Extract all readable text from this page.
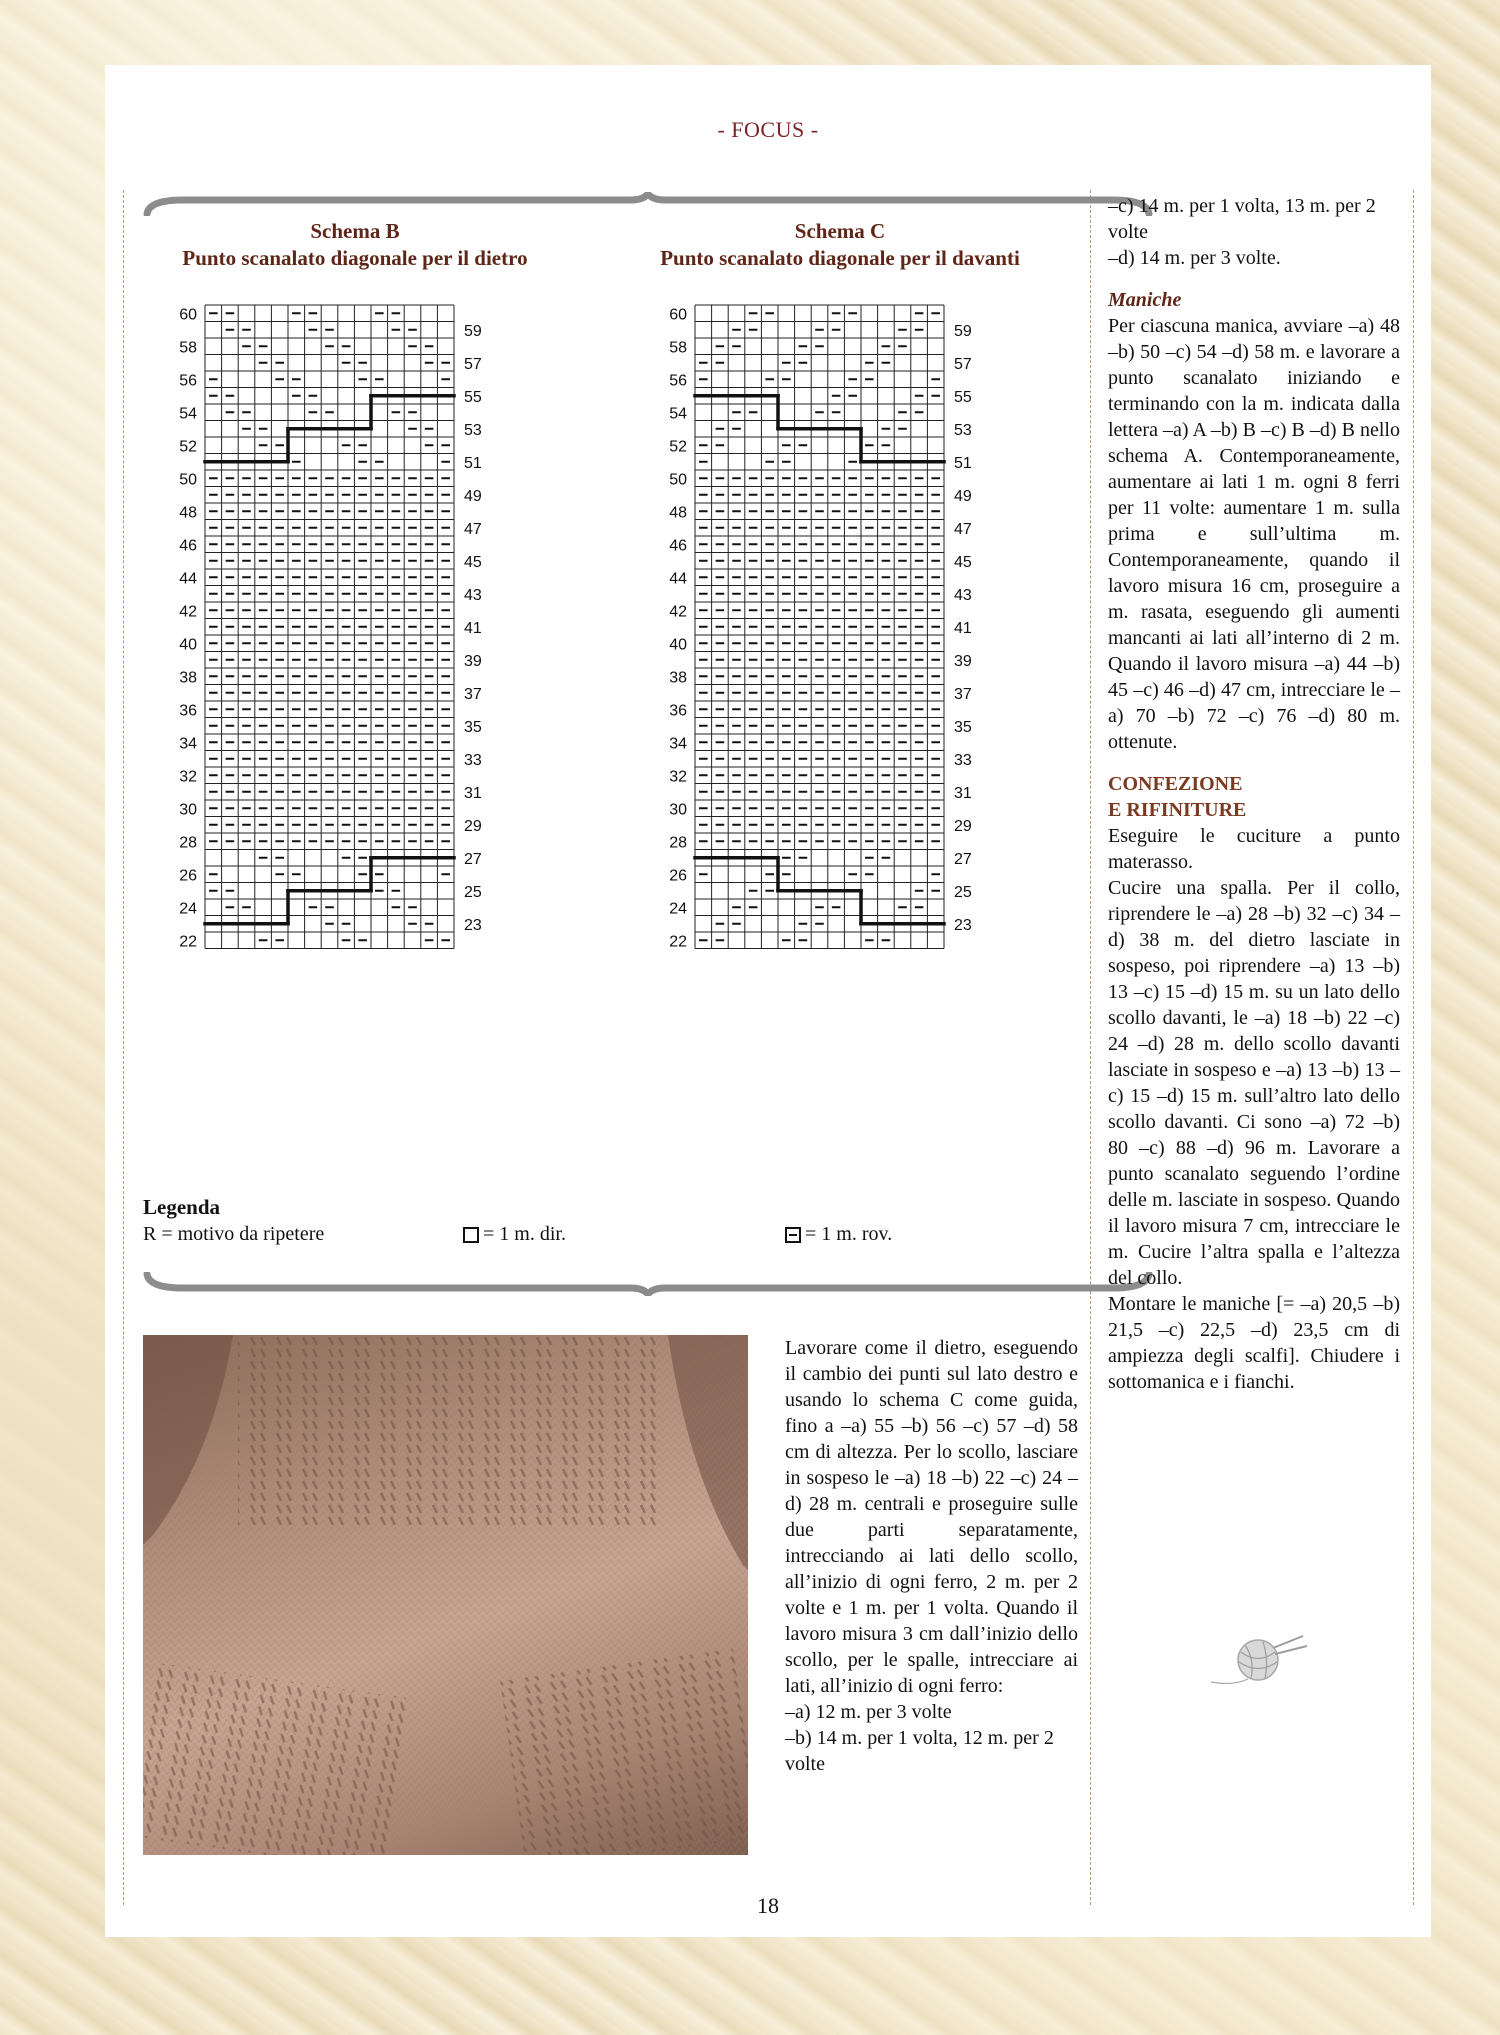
- FOCUS -
Schema B
Punto scanalato diagonale per il dietro
Schema C
Punto scanalato diagonale per il davanti
60
58
56
54
52
50
48
46
44
42
40
38
36
34
32
30
28
26
24
22
59
57
55
53
51
49
47
45
43
41
39
37
35
33
31
29
27
25
23
60
58
56
54
52
50
48
46
44
42
40
38
36
34
32
30
28
26
24
22
59
57
55
53
51
49
47
45
43
41
39
37
35
33
31
29
27
25
23
Legenda
R = motivo da ripetere	= 1 m. dir.	= 1 m. rov.

Lavorare come il dietro, eseguendo il cambio dei punti sul lato destro e usando lo schema C come guida, fino a –a) 55 –b) 56 –c) 57 –d) 58 cm di altezza. Per lo scollo, lasciare in sospeso le –a) 18 –b) 22 –c) 24 –d) 28 m. centrali e proseguire sulle due parti separatamente, intrecciando ai lati dello scollo, all’inizio di ogni ferro, 2 m. per 2 volte e 1 m. per 1 volta. Quando il lavoro misura 3 cm dall’inizio dello scollo, per le spalle, intrecciare ai lati, all’inizio di ogni ferro:

–a) 12 m. per 3 volte

–b) 14 m. per 1 volta, 12 m. per 2 volte

–c) 14 m. per 1 volta, 13 m. per 2 volte

–d) 14 m. per 3 volte.

Maniche

Per ciascuna manica, avviare –a) 48 –b) 50 –c) 54 –d) 58 m. e lavorare a punto scanalato iniziando e terminando con la m. indicata dalla lettera –a) A –b) B –c) B –d) B nello schema A. Contemporaneamente, aumentare ai lati 1 m. ogni 8 ferri per 11 volte: aumentare 1 m. sulla prima e sull’ultima m. Contemporaneamente, quando il lavoro misura 16 cm, proseguire a m. rasata, eseguendo gli aumenti mancanti ai lati all’interno di 2 m. Quando il lavoro misura –a) 44 –b) 45 –c) 46 –d) 47 cm, intrecciare le –a) 70 –b) 72 –c) 76 –d) 80 m. ottenute.

CONFEZIONE

E RIFINITURE

Eseguire le cuciture a punto materasso.

Cucire una spalla. Per il collo, riprendere le –a) 28 –b) 32 –c) 34 –d) 38 m. del dietro lasciate in sospeso, poi riprendere –a) 13 –b) 13 –c) 15 –d) 15 m. su un lato dello scollo davanti, le –a) 18 –b) 22 –c) 24 –d) 28 m. dello scollo davanti lasciate in sospeso e –a) 13 –b) 13 –c) 15 –d) 15 m. sull’altro lato dello scollo davanti. Ci sono –a) 72 –b) 80 –c) 88 –d) 96 m. Lavorare a punto scanalato seguendo l’ordine delle m. lasciate in sospeso. Quando il lavoro misura 7 cm, intrecciare le m. Cucire l’altra spalla e l’altezza del collo.

Montare le maniche [= –a) 20,5 –b) 21,5 –c) 22,5 –d) 23,5 cm di ampiezza degli scalfi]. Chiudere i sottomanica e i fianchi.

18
